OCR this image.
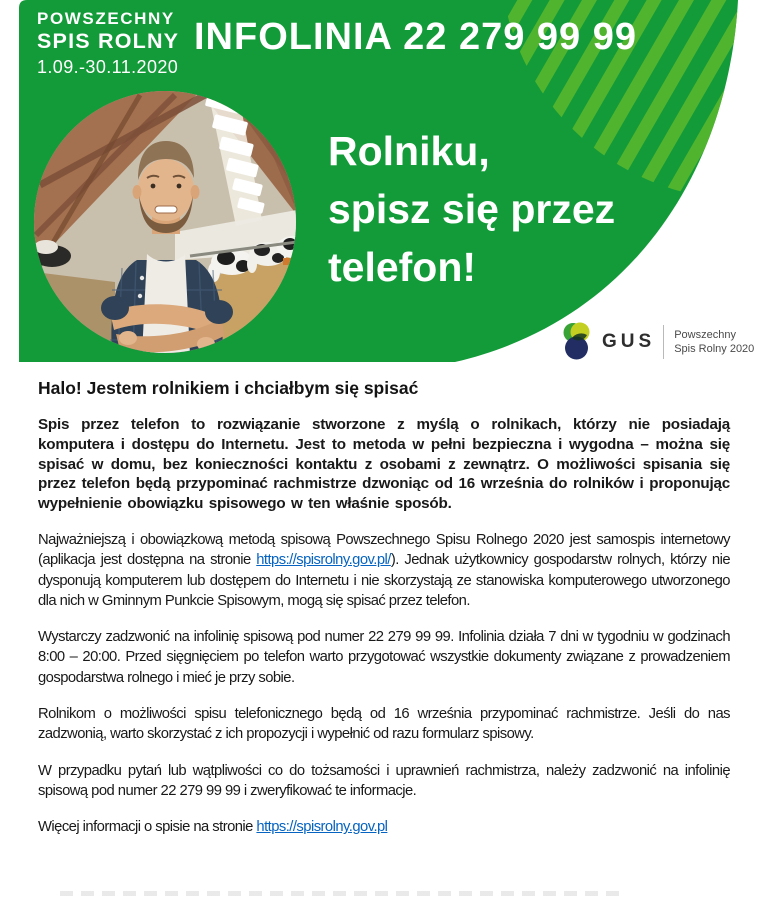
POWSZECHNY
SPIS ROLNY
1.09.-30.11.2020
INFOLINIA 22 279 99 99
Rolniku,
spisz się przez
telefon!
GUS Powszechny
Spis Rolny 2020
Halo! Jestem rolnikiem i chciałbym się spisać

Spis przez telefon to rozwiązanie stworzone z myślą o rolnikach, którzy nie posiadają komputera i dostępu do Internetu. Jest to metoda w pełni bezpieczna i wygodna – można się spisać w domu, bez konieczności kontaktu z osobami z zewnątrz. O możliwości spisania się przez telefon będą przypominać rachmistrze dzwoniąc od 16 września do rolników i proponując wypełnienie obowiązku spisowego w ten właśnie sposób.

Najważniejszą i obowiązkową metodą spisową Powszechnego Spisu Rolnego 2020 jest samospis internetowy (aplikacja jest dostępna na stronie https://spisrolny.gov.pl/). Jednak użytkownicy gospodarstw rolnych, którzy nie dysponują komputerem lub dostępem do Internetu i nie skorzystają ze stanowiska komputerowego utworzonego dla nich w Gminnym Punkcie Spisowym, mogą się spisać przez telefon.

Wystarczy zadzwonić na infolinię spisową pod numer 22 279 99 99. Infolinia działa 7 dni w tygodniu w godzinach 8:00 – 20:00. Przed sięgnięciem po telefon warto przygotować wszystkie dokumenty związane z prowadzeniem gospodarstwa rolnego i mieć je przy sobie.

Rolnikom o możliwości spisu telefonicznego będą od 16 września przypominać rachmistrze. Jeśli do nas zadzwonią, warto skorzystać z ich propozycji i wypełnić od razu formularz spisowy.

W przypadku pytań lub wątpliwości co do tożsamości i uprawnień rachmistrza, należy zadzwonić na infolinię spisową pod numer 22 279 99 99 i zweryfikować te informacje.

Więcej informacji o spisie na stronie https://spisrolny.gov.pl
